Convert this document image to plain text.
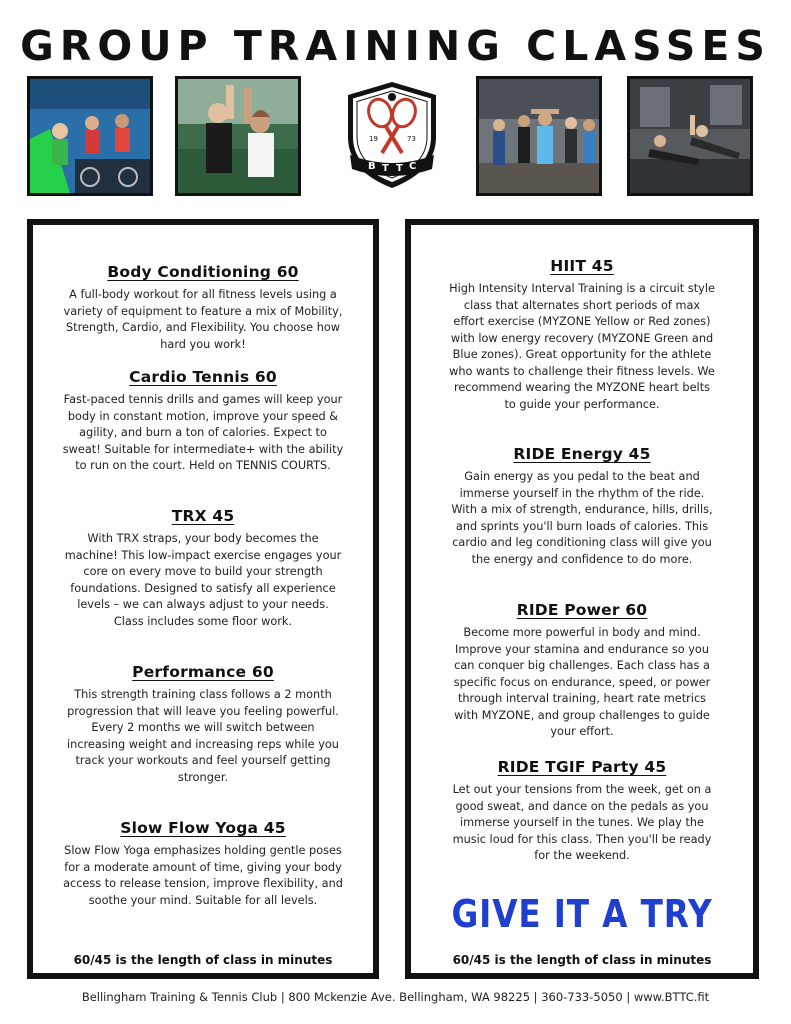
GROUP TRAINING CLASSES
19	73
B T T C
Body Conditioning 60

A full-body workout for all fitness levels using a variety of equipment to feature a mix of Mobility, Strength, Cardio, and Flexibility. You choose how hard you work!

Cardio Tennis 60

Fast-paced tennis drills and games will keep your body in constant motion, improve your speed & agility, and burn a ton of calories. Expect to sweat! Suitable for intermediate+ with the ability to run on the court. Held on TENNIS COURTS.

TRX 45

With TRX straps, your body becomes the machine! This low-impact exercise engages your core on every move to build your strength foundations. Designed to satisfy all experience levels – we can always adjust to your needs. Class includes some floor work.

Performance 60

This strength training class follows a 2 month progression that will leave you feeling powerful. Every 2 months we will switch between increasing weight and increasing reps while you track your workouts and feel yourself getting stronger.

Slow Flow Yoga 45

Slow Flow Yoga emphasizes holding gentle poses for a moderate amount of time, giving your body access to release tension, improve flexibility, and soothe your mind. Suitable for all levels.

60/45 is the length of class in minutes
HIIT 45

High Intensity Interval Training is a circuit style class that alternates short periods of max effort exercise (MYZONE Yellow or Red zones) with low energy recovery (MYZONE Green and Blue zones). Great opportunity for the athlete who wants to challenge their fitness levels. We recommend wearing the MYZONE heart belts to guide your performance.

RIDE Energy 45

Gain energy as you pedal to the beat and immerse yourself in the rhythm of the ride. With a mix of strength, endurance, hills, drills, and sprints you'll burn loads of calories. This cardio and leg conditioning class will give you the energy and confidence to do more.

RIDE Power 60

Become more powerful in body and mind. Improve your stamina and endurance so you can conquer big challenges. Each class has a specific focus on endurance, speed, or power through interval training, heart rate metrics with MYZONE, and group challenges to guide your effort.

RIDE TGIF Party 45

Let out your tensions from the week, get on a good sweat, and dance on the pedals as you immerse yourself in the tunes. We play the music loud for this class. Then you'll be ready for the weekend.

GIVE IT A TRY
60/45 is the length of class in minutes
Bellingham Training & Tennis Club | 800 Mckenzie Ave. Bellingham, WA 98225 | 360-733-5050 | www.BTTC.fit
